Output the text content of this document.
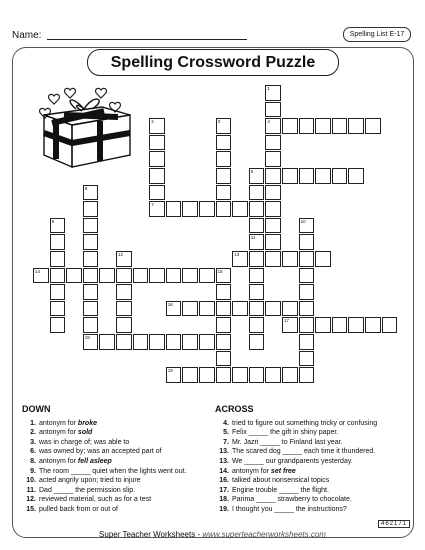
Name:	Spelling List E-17
Spelling Crossword Puzzle
1
4
2
7
3
5
11
8
18
9	10
12	13
14	15
16
17
19
DOWN
1. antonym for broke
2. antonym for sold
3. was in charge of; was able to
6. was owned by; was an accepted part of
8. antonym for fell asleep
9. The room _____ quiet when the lights went out.
10. acted angrily upon; tried to injure
11. Dad _____ the permission slip.
12. reviewed material, such as for a test
15. pulled back from or out of
ACROSS
4. tried to figure out something tricky or confusing
5. Felix _____ the gift in shiny paper.
7. Mr. Jazri _____ to Finland last year.
13. The scared dog _____ each time it thundered.
13. We _____ our grandparents yesterday.
14. antonym for set free
16. talked about nonsensical topics
17. Engine trouble _____ the flight.
18. Parima _____ strawberry to chocolate.
19. I thought you _____ the instructions?
462171
Super Teacher Worksheets - www.superteacherworksheets.com
